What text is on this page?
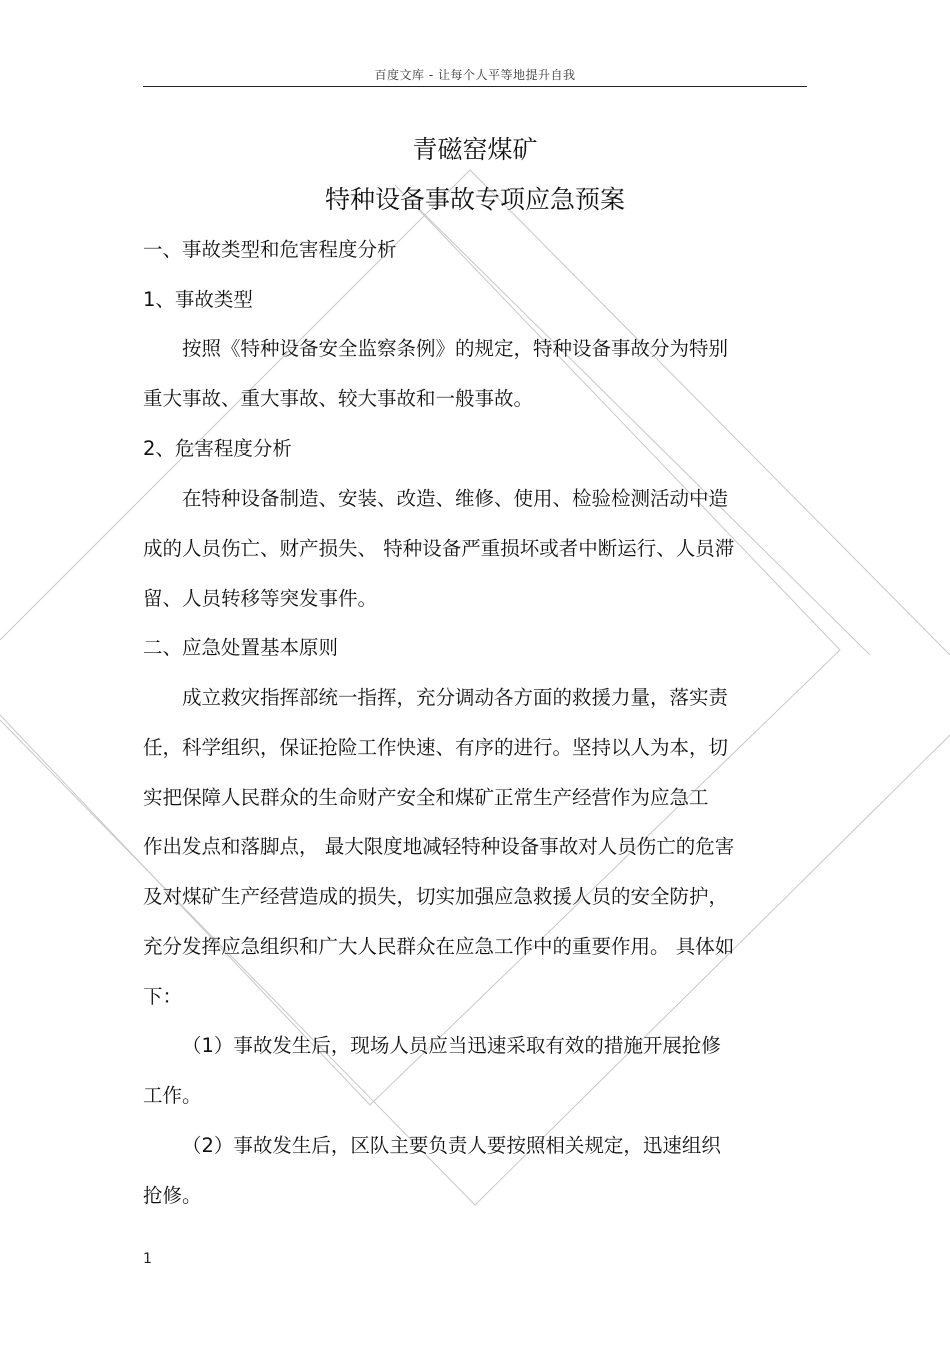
百度文库 - 让每个人平等地提升自我
青磁窑煤矿
特种设备事故专项应急预案
一、事故类型和危害程度分析
1、事故类型
按照《特种设备安全监察条例》的规定，特种设备事故分为特别
重大事故、重大事故、较大事故和一般事故。
2、危害程度分析
在特种设备制造、安装、改造、维修、使用、检验检测活动中造
成的人员伤亡、财产损失、 特种设备严重损坏或者中断运行、人员滞
留、人员转移等突发事件。
二、应急处置基本原则
成立救灾指挥部统一指挥，充分调动各方面的救援力量，落实责
任，科学组织，保证抢险工作快速、有序的进行。坚持以人为本，切
实把保障人民群众的生命财产安全和煤矿正常生产经营作为应急工
作出发点和落脚点， 最大限度地减轻特种设备事故对人员伤亡的危害
及对煤矿生产经营造成的损失，切实加强应急救援人员的安全防护，
充分发挥应急组织和广大人民群众在应急工作中的重要作用。 具体如
下：
（1）事故发生后，现场人员应当迅速采取有效的措施开展抢修
工作。
（2）事故发生后，区队主要负责人要按照相关规定，迅速组织
抢修。
1
